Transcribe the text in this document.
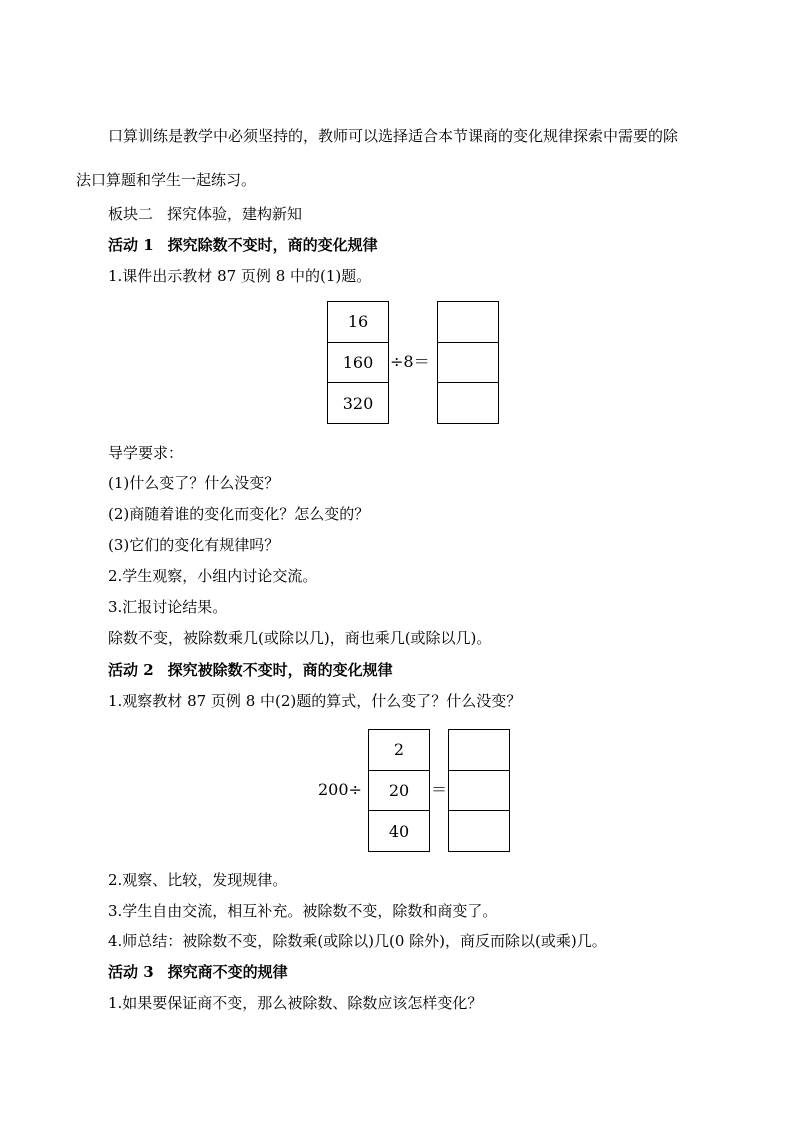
口算训练是教学中必须坚持的，教师可以选择适合本节课商的变化规律探索中需要的除
法口算题和学生一起练习。
板块二 探究体验，建构新知
活动 1 探究除数不变时，商的变化规律
1.课件出示教材 87 页例 8 中的(1)题。
16
160
320
÷8＝
导学要求：
(1)什么变了？什么没变？
(2)商随着谁的变化而变化？怎么变的？
(3)它们的变化有规律吗？
2.学生观察，小组内讨论交流。
3.汇报讨论结果。
除数不变，被除数乘几(或除以几)，商也乘几(或除以几)。
活动 2 探究被除数不变时，商的变化规律
1.观察教材 87 页例 8 中(2)题的算式，什么变了？什么没变？
200÷
2
20
40
＝
2.观察、比较，发现规律。
3.学生自由交流，相互补充。被除数不变，除数和商变了。
4.师总结：被除数不变，除数乘(或除以)几(0 除外)，商反而除以(或乘)几。
活动 3 探究商不变的规律
1.如果要保证商不变，那么被除数、除数应该怎样变化？
